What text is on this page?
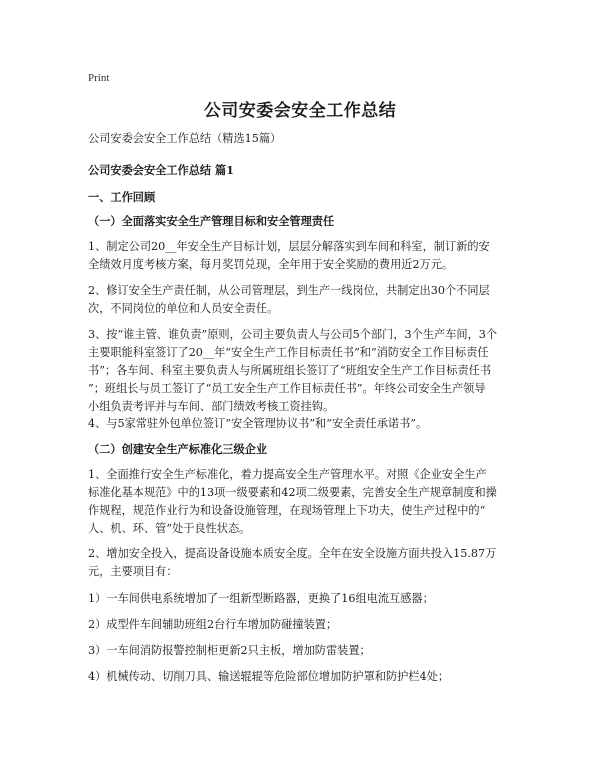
Print
公司安委会安全工作总结
公司安委会安全工作总结（精选15篇）
公司安委会安全工作总结 篇1
一、工作回顾
（一）全面落实安全生产管理目标和安全管理责任
1、制定公司20__年安全生产目标计划，层层分解落实到车间和科室，制订新的安
全绩效月度考核方案，每月奖罚兑现，全年用于安全奖励的费用近2万元。
2、修订安全生产责任制，从公司管理层，到生产一线岗位，共制定出30个不同层
次，不同岗位的单位和人员安全责任。
3、按“谁主管、谁负责”原则，公司主要负责人与公司5个部门，3个生产车间，3个
主要职能科室签订了20__年“安全生产工作目标责任书”和“消防安全工作目标责任
书”；各车间、科室主要负责人与所属班组长签订了“班组安全生产工作目标责任书
”；班组长与员工签订了“员工安全生产工作目标责任书”。年终公司安全生产领导
小组负责考评并与车间、部门绩效考核工资挂钩。
4、与5家常驻外包单位签订“安全管理协议书”和“安全责任承诺书”。
（二）创建安全生产标准化三级企业
1、全面推行安全生产标准化，着力提高安全生产管理水平。对照《企业安全生产
标准化基本规范》中的13项一级要素和42项二级要素，完善安全生产规章制度和操
作规程，规范作业行为和设备设施管理，在现场管理上下功夫，使生产过程中的“
人、机、环、管”处于良性状态。
2、增加安全投入，提高设备设施本质安全度。全年在安全设施方面共投入15.87万
元，主要项目有：
1）一车间供电系统增加了一组新型断路器，更换了16组电流互感器；
2）成型件车间辅助班组2台行车增加防碰撞装置；
3）一车间消防报警控制柜更新2只主板，增加防雷装置；
4）机械传动、切削刀具、输送辊辊等危险部位增加防护罩和防护栏4处；
